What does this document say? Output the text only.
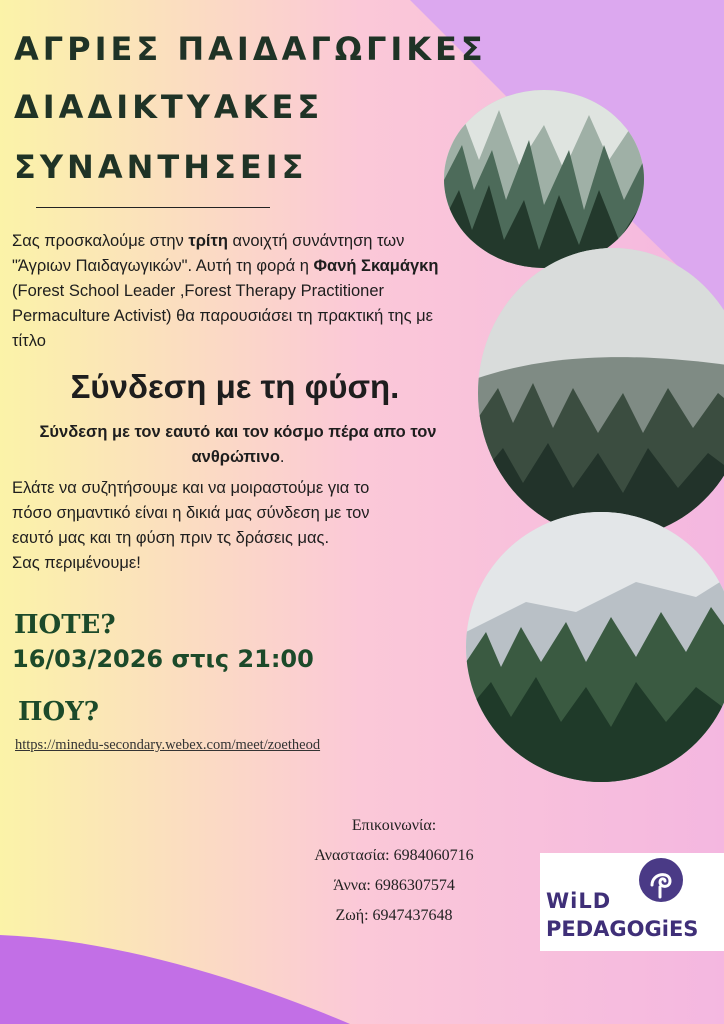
ΑΓΡΙΕΣ ΠΑΙΔΑΓΩΓΙΚΕΣ
ΔΙΑΔΙΚΤΥΑΚΕΣ
ΣΥΝΑΝΤΗΣΕΙΣ

Σας προσκαλούμε στην τρίτη ανοιχτή συνάντηση των "Άγριων Παιδαγωγικών". Αυτή τη φορά η Φανή Σκαμάγκη (Forest School Leader ,Forest Therapy Practitioner Permaculture Activist) θα παρουσιάσει τη πρακτική της με τίτλο

Σύνδεση με τη φύση.

Σύνδεση με τον εαυτό και τον κόσμο πέρα απο τον ανθρώπινο.

Ελάτε να συζητήσουμε και να μοιραστούμε για το
πόσο σημαντικό είναι η δικιά μας σύνδεση με τον
εαυτό μας και τη φύση πριν τς δράσεις μας.
Σας περιμένουμε!

ΠΟΤΕ?

16/03/2026 στις 21:00

ΠΟΥ?

https://minedu-secondary.webex.com/meet/zoetheod
Επικοινωνία:
Αναστασία: 6984060716
Άννα: 6986307574
Ζωή: 6947437648

WiLD

PEDAGOGiES
